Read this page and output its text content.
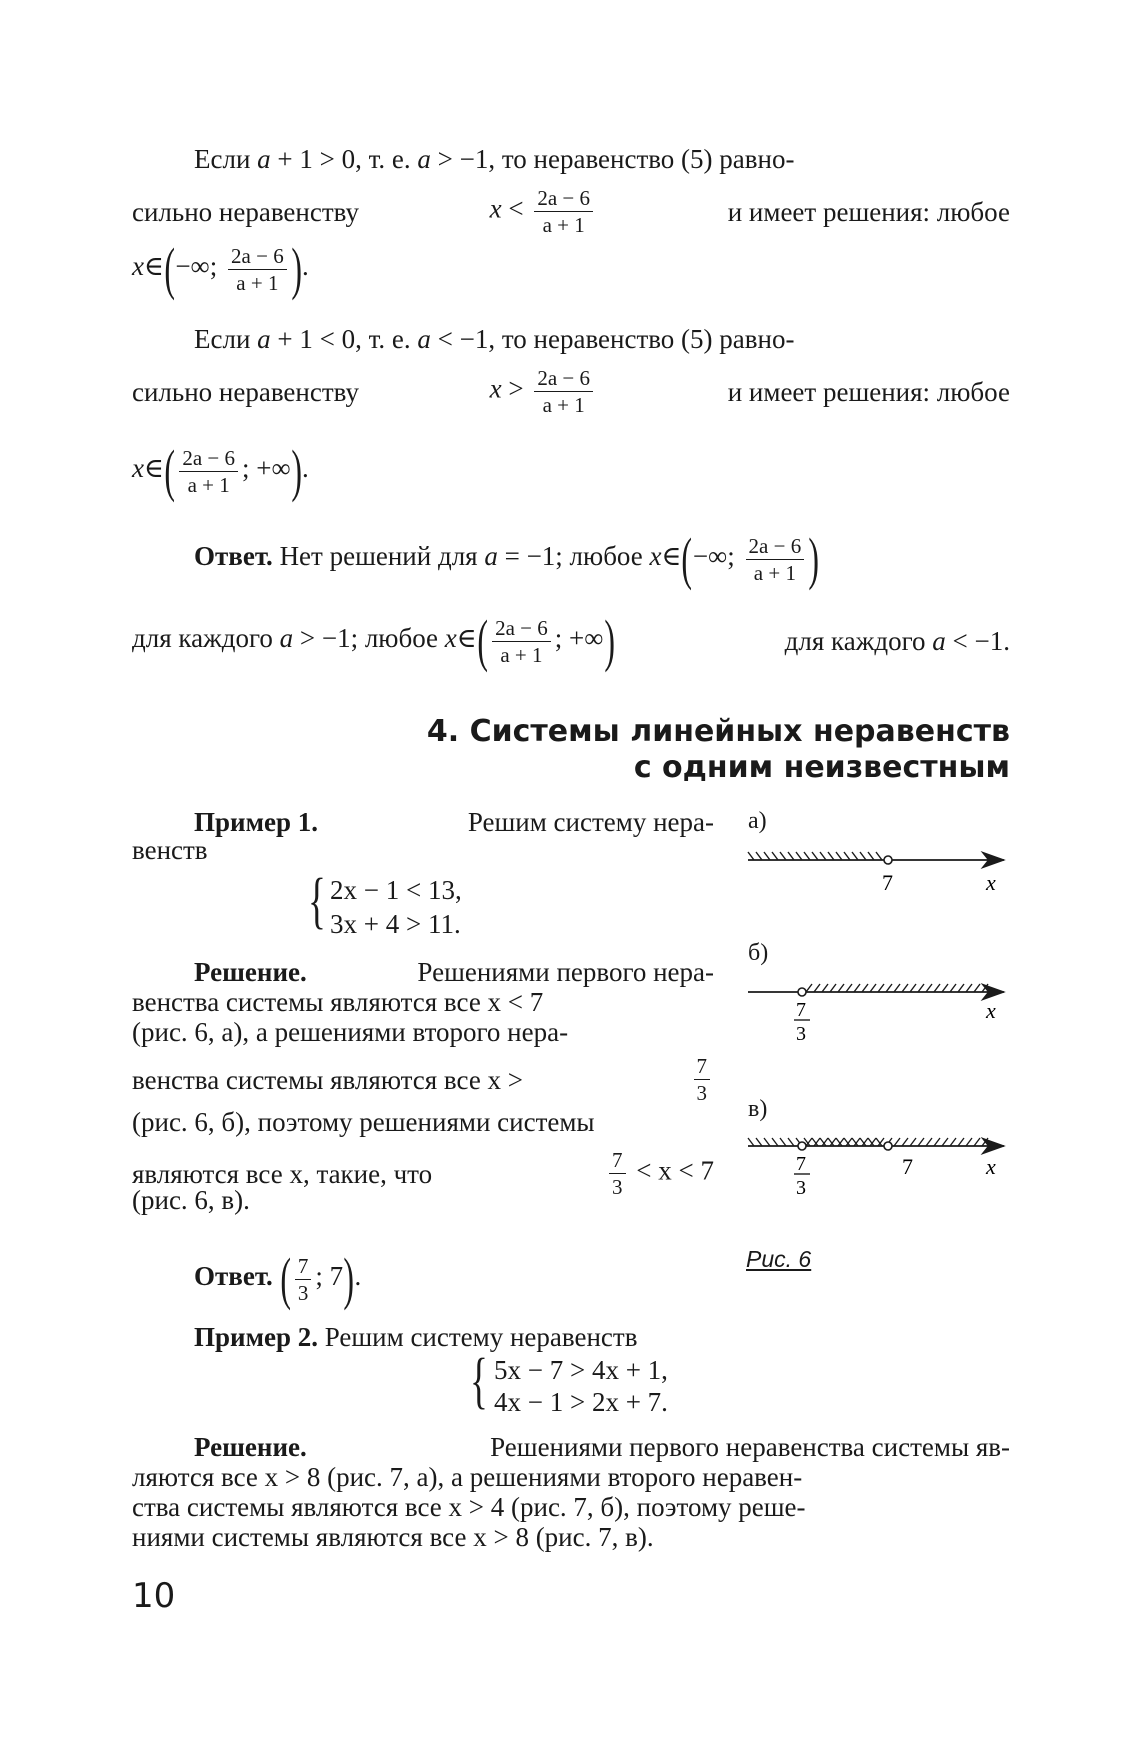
Если a + 1 > 0, т. е. a > −1, то неравенство (5) равно-
сильно неравенству	$x < \frac{2a - 6}{a + 1}$	и имеет решения: любое
x∈(−∞; $\frac{2a - 6}{a + 1}$ ).
Если a + 1 < 0, т. е. a < −1, то неравенство (5) равно-
сильно неравенству	$x > \frac{2a - 6}{a + 1}$	и имеет решения: любое
x∈( $\frac{2a - 6}{a + 1}$ ; +∞).
Ответ. Нет решений для a = −1; любое x∈(−∞; $\frac{2a - 6}{a + 1}$ )
для каждого a > −1; любое x∈( $\frac{2a - 6}{a + 1}$ ; +∞)	для каждого a < −1.
4. Системы линейных неравенств
с одним неизвестным
Пример 1.	Решим систему нера-
венств
{ 2x − 1 < 13,
3x + 4 > 11.
Решение.	Решениями первого нера-
венства системы являются все x < 7
(рис. 6, а), а решениями второго нера-
венства системы являются все x >	$\frac{7}{3}$
(рис. 6, б), поэтому решениями системы
являются все x, такие, что	$\frac{7}{3} < x < 7$
(рис. 6, в).
Ответ. ( $\frac{7}{3}$ ; 7).
а)
б)
в)
7	x
7
3
x
7
3
7	x
Рис. 6
Пример 2. Решим систему неравенств
{ 5x − 7 > 4x + 1,
4x − 1 > 2x + 7.
Решение.	Решениями первого неравенства системы яв-
ляются все x > 8 (рис. 7, а), а решениями второго неравен-
ства системы являются все x > 4 (рис. 7, б), поэтому реше-
ниями системы являются все x > 8 (рис. 7, в).
10
